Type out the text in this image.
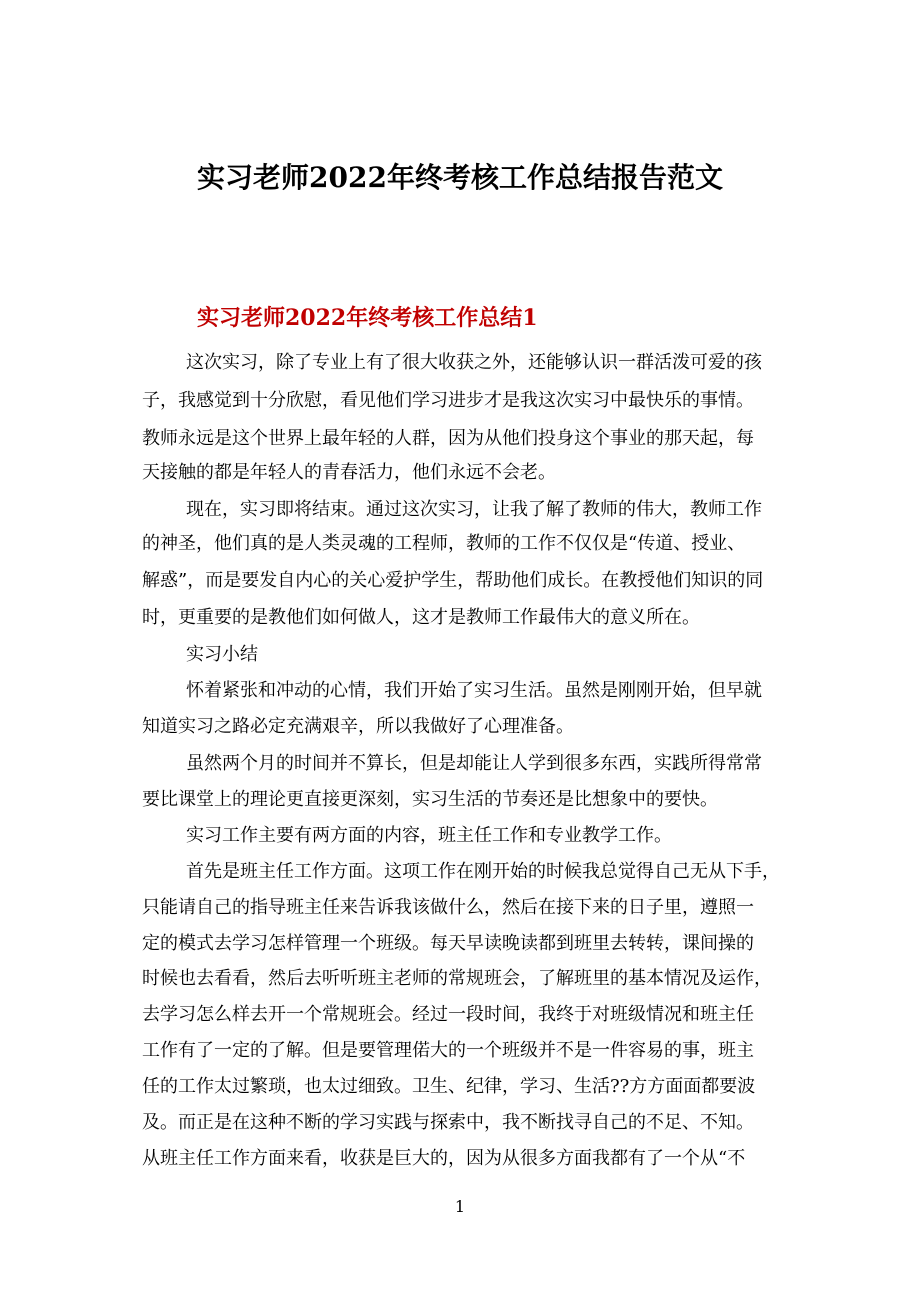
实习老师2022年终考核工作总结报告范文
实习老师2022年终考核工作总结1
这次实习，除了专业上有了很大收获之外，还能够认识一群活泼可爱的孩
子，我感觉到十分欣慰，看见他们学习进步才是我这次实习中最快乐的事情。
教师永远是这个世界上最年轻的人群，因为从他们投身这个事业的那天起，每
天接触的都是年轻人的青春活力，他们永远不会老。
现在，实习即将结束。通过这次实习，让我了解了教师的伟大，教师工作
的神圣，他们真的是人类灵魂的工程师，教师的工作不仅仅是“传道、授业、
解惑”，而是要发自内心的关心爱护学生，帮助他们成长。在教授他们知识的同
时，更重要的是教他们如何做人，这才是教师工作最伟大的意义所在。
实习小结
怀着紧张和冲动的心情，我们开始了实习生活。虽然是刚刚开始，但早就
知道实习之路必定充满艰辛，所以我做好了心理准备。
虽然两个月的时间并不算长，但是却能让人学到很多东西，实践所得常常
要比课堂上的理论更直接更深刻，实习生活的节奏还是比想象中的要快。
实习工作主要有两方面的内容，班主任工作和专业教学工作。
首先是班主任工作方面。这项工作在刚开始的时候我总觉得自己无从下手，
只能请自己的指导班主任来告诉我该做什么，然后在接下来的日子里，遵照一
定的模式去学习怎样管理一个班级。每天早读晚读都到班里去转转，课间操的
时候也去看看，然后去听听班主老师的常规班会，了解班里的基本情况及运作，
去学习怎么样去开一个常规班会。经过一段时间，我终于对班级情况和班主任
工作有了一定的了解。但是要管理偌大的一个班级并不是一件容易的事，班主
任的工作太过繁琐，也太过细致。卫生、纪律，学习、生活??方方面面都要波
及。而正是在这种不断的学习实践与探索中，我不断找寻自己的不足、不知。
从班主任工作方面来看，收获是巨大的，因为从很多方面我都有了一个从“不
1
